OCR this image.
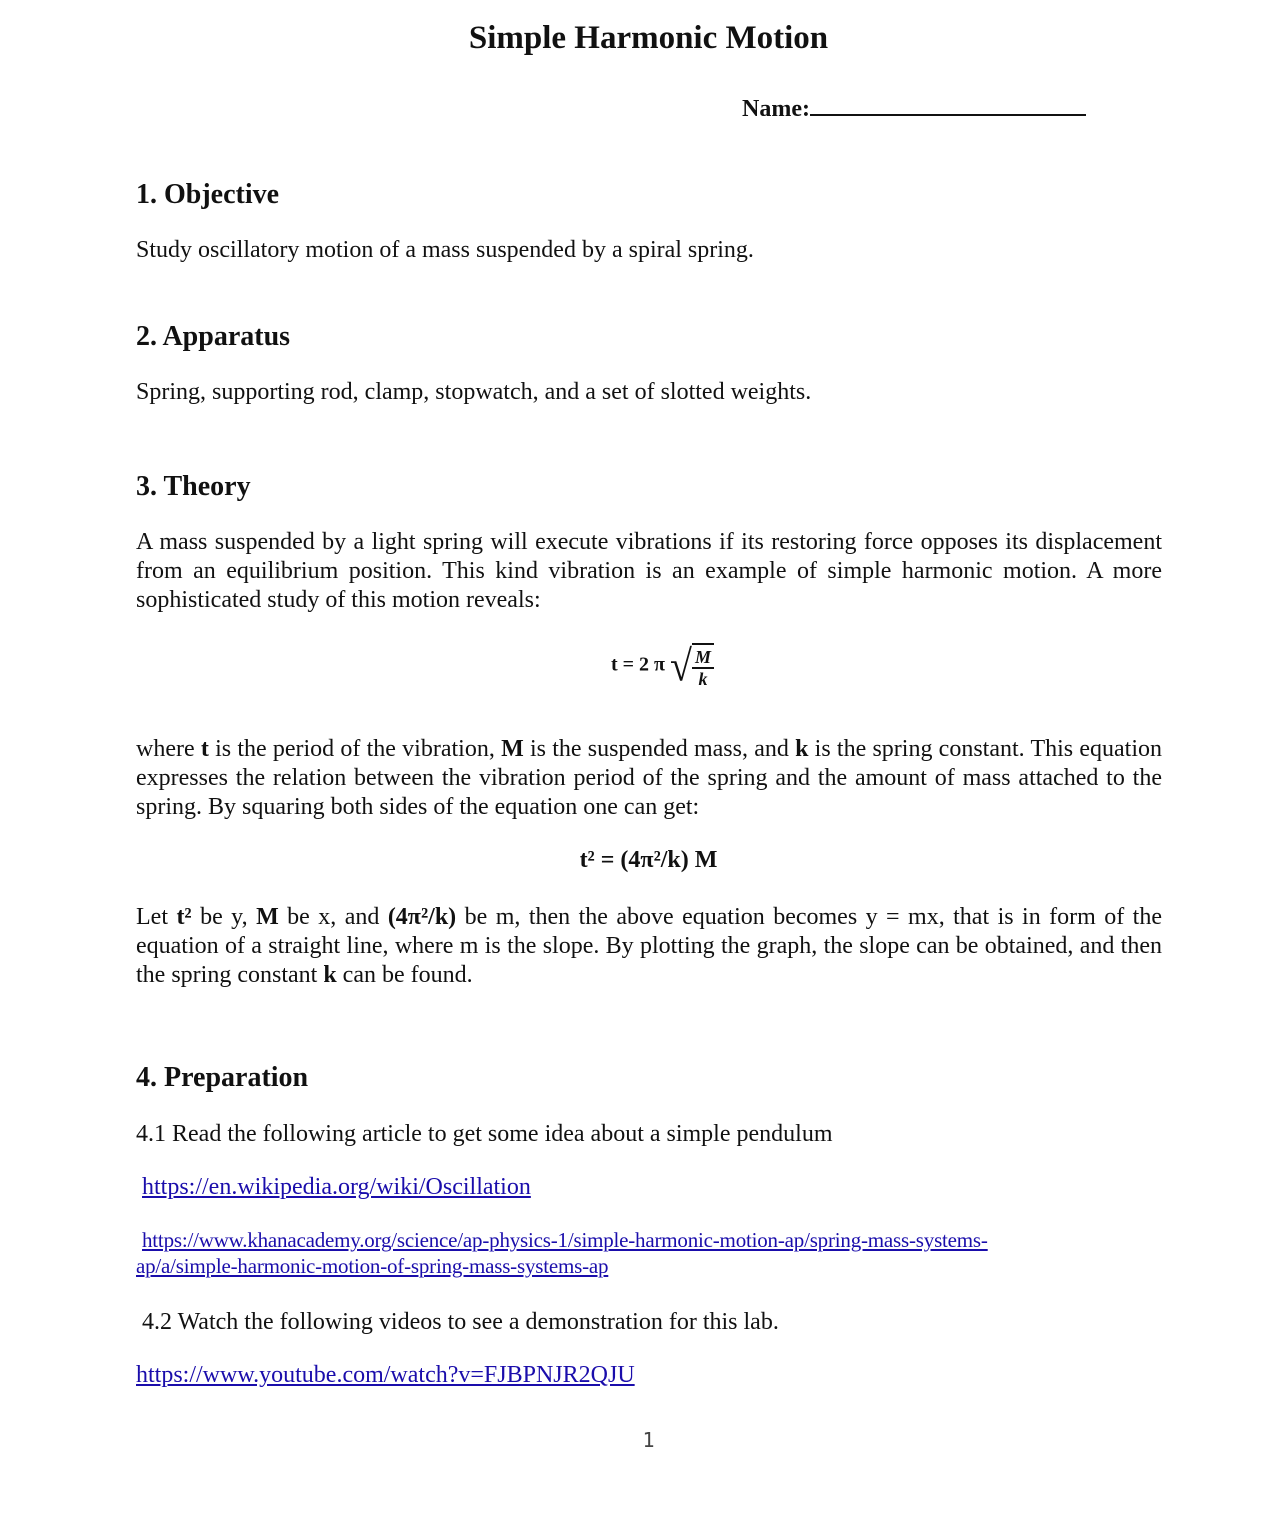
Simple Harmonic Motion
Name:
1. Objective

Study oscillatory motion of a mass suspended by a spiral spring.

2. Apparatus

Spring, supporting rod, clamp, stopwatch, and a set of slotted weights.

3. Theory

A mass suspended by a light spring will execute vibrations if its restoring force opposes its displacement from an equilibrium position. This kind vibration is an example of simple harmonic motion. A more sophisticated study of this motion reveals:

t = 2 π √ $\frac{M}{k}$

where t is the period of the vibration, M is the suspended mass, and k is the spring constant. This equation expresses the relation between the vibration period of the spring and the amount of mass attached to the spring. By squaring both sides of the equation one can get:

t² = (4π²/k) M

Let t² be y, M be x, and (4π²/k) be m, then the above equation becomes y = mx, that is in form of the equation of a straight line, where m is the slope. By plotting the graph, the slope can be obtained, and then the spring constant k can be found.

4. Preparation

4.1 Read the following article to get some idea about a simple pendulum

https://en.wikipedia.org/wiki/Oscillation

https://www.khanacademy.org/science/ap-physics-1/simple-harmonic-motion-ap/spring-mass-systems-
ap/a/simple-harmonic-motion-of-spring-mass-systems-ap

4.2 Watch the following videos to see a demonstration for this lab.

https://www.youtube.com/watch?v=FJBPNJR2QJU

1
